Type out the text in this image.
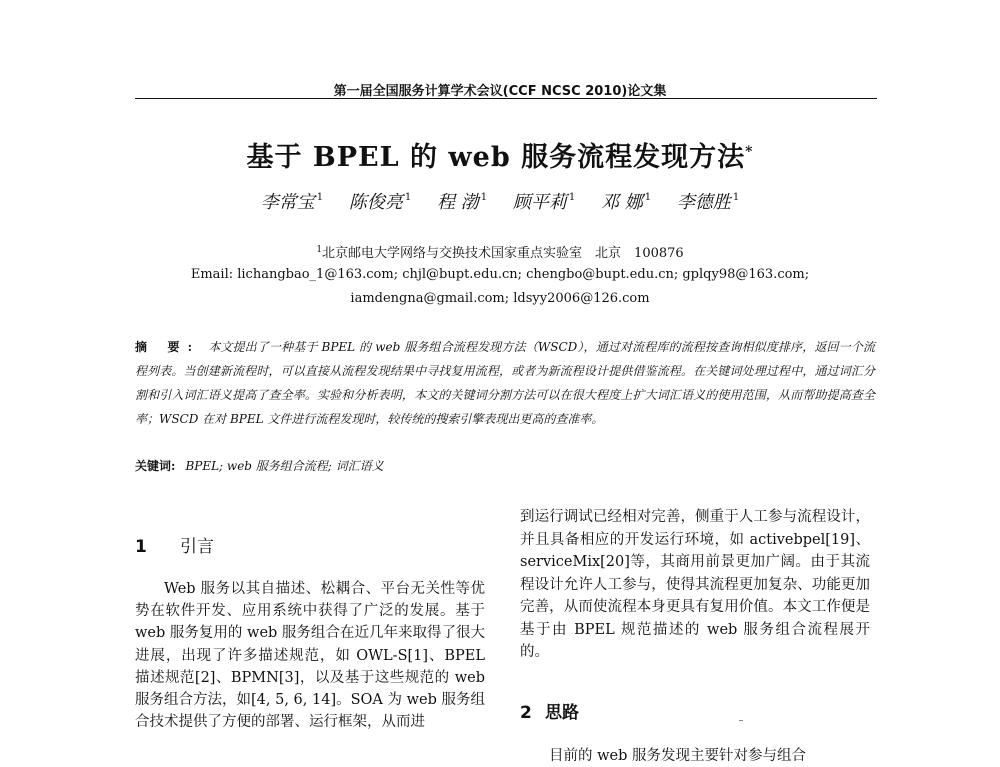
第一届全国服务计算学术会议(CCF NCSC 2010)论文集
基于 BPEL 的 web 服务流程发现方法*
李常宝 $^1$ 陈俊亮 $^1$ 程 渤 $^1$ 顾平莉 $^1$ 邓 娜 $^1$ 李德胜 $^1$
$^1$北京邮电大学网络与交换技术国家重点实验室　北京　100876
Email: lichangbao_1@163.com; chjl@bupt.edu.cn; chengbo@bupt.edu.cn; gplqy98@163.com;
iamdengna@gmail.com; ldsyy2006@126.com
摘 要: 本文提出了一种基于 BPEL 的 web 服务组合流程发现方法（WSCD），通过对流程库的流程按查询相似度排序，返回一个流程列表。当创建新流程时，可以直接从流程发现结果中寻找复用流程，或者为新流程设计提供借鉴流程。在关键词处理过程中，通过词汇分割和引入词汇语义提高了查全率。实验和分析表明，本文的关键词分割方法可以在很大程度上扩大词汇语义的使用范围，从而帮助提高查全率；WSCD 在对 BPEL 文件进行流程发现时，较传统的搜索引擎表现出更高的查准率。
关键词: BPEL; web 服务组合流程; 词汇语义
1 引言

Web 服务以其自描述、松耦合、平台无关性等优势在软件开发、应用系统中获得了广泛的发展。基于 web 服务复用的 web 服务组合在近几年来取得了很大进展，出现了许多描述规范，如 OWL-S[1]、BPEL 描述规范[2]、BPMN[3]，以及基于这些规范的 web 服务组合方法，如[4, 5, 6, 14]。SOA 为 web 服务组合技术提供了方便的部署、运行框架，从而进

到运行调试已经相对完善，侧重于人工参与流程设计，并且具备相应的开发运行环境，如 activebpel[19]、serviceMix[20]等，其商用前景更加广阔。由于其流程设计允许人工参与，使得其流程更加复杂、功能更加完善，从而使流程本身更具有复用价值。本文工作便是基于由 BPEL 规范描述的 web 服务组合流程展开的。

2 思路
目前的 web 服务发现主要针对参与组合
